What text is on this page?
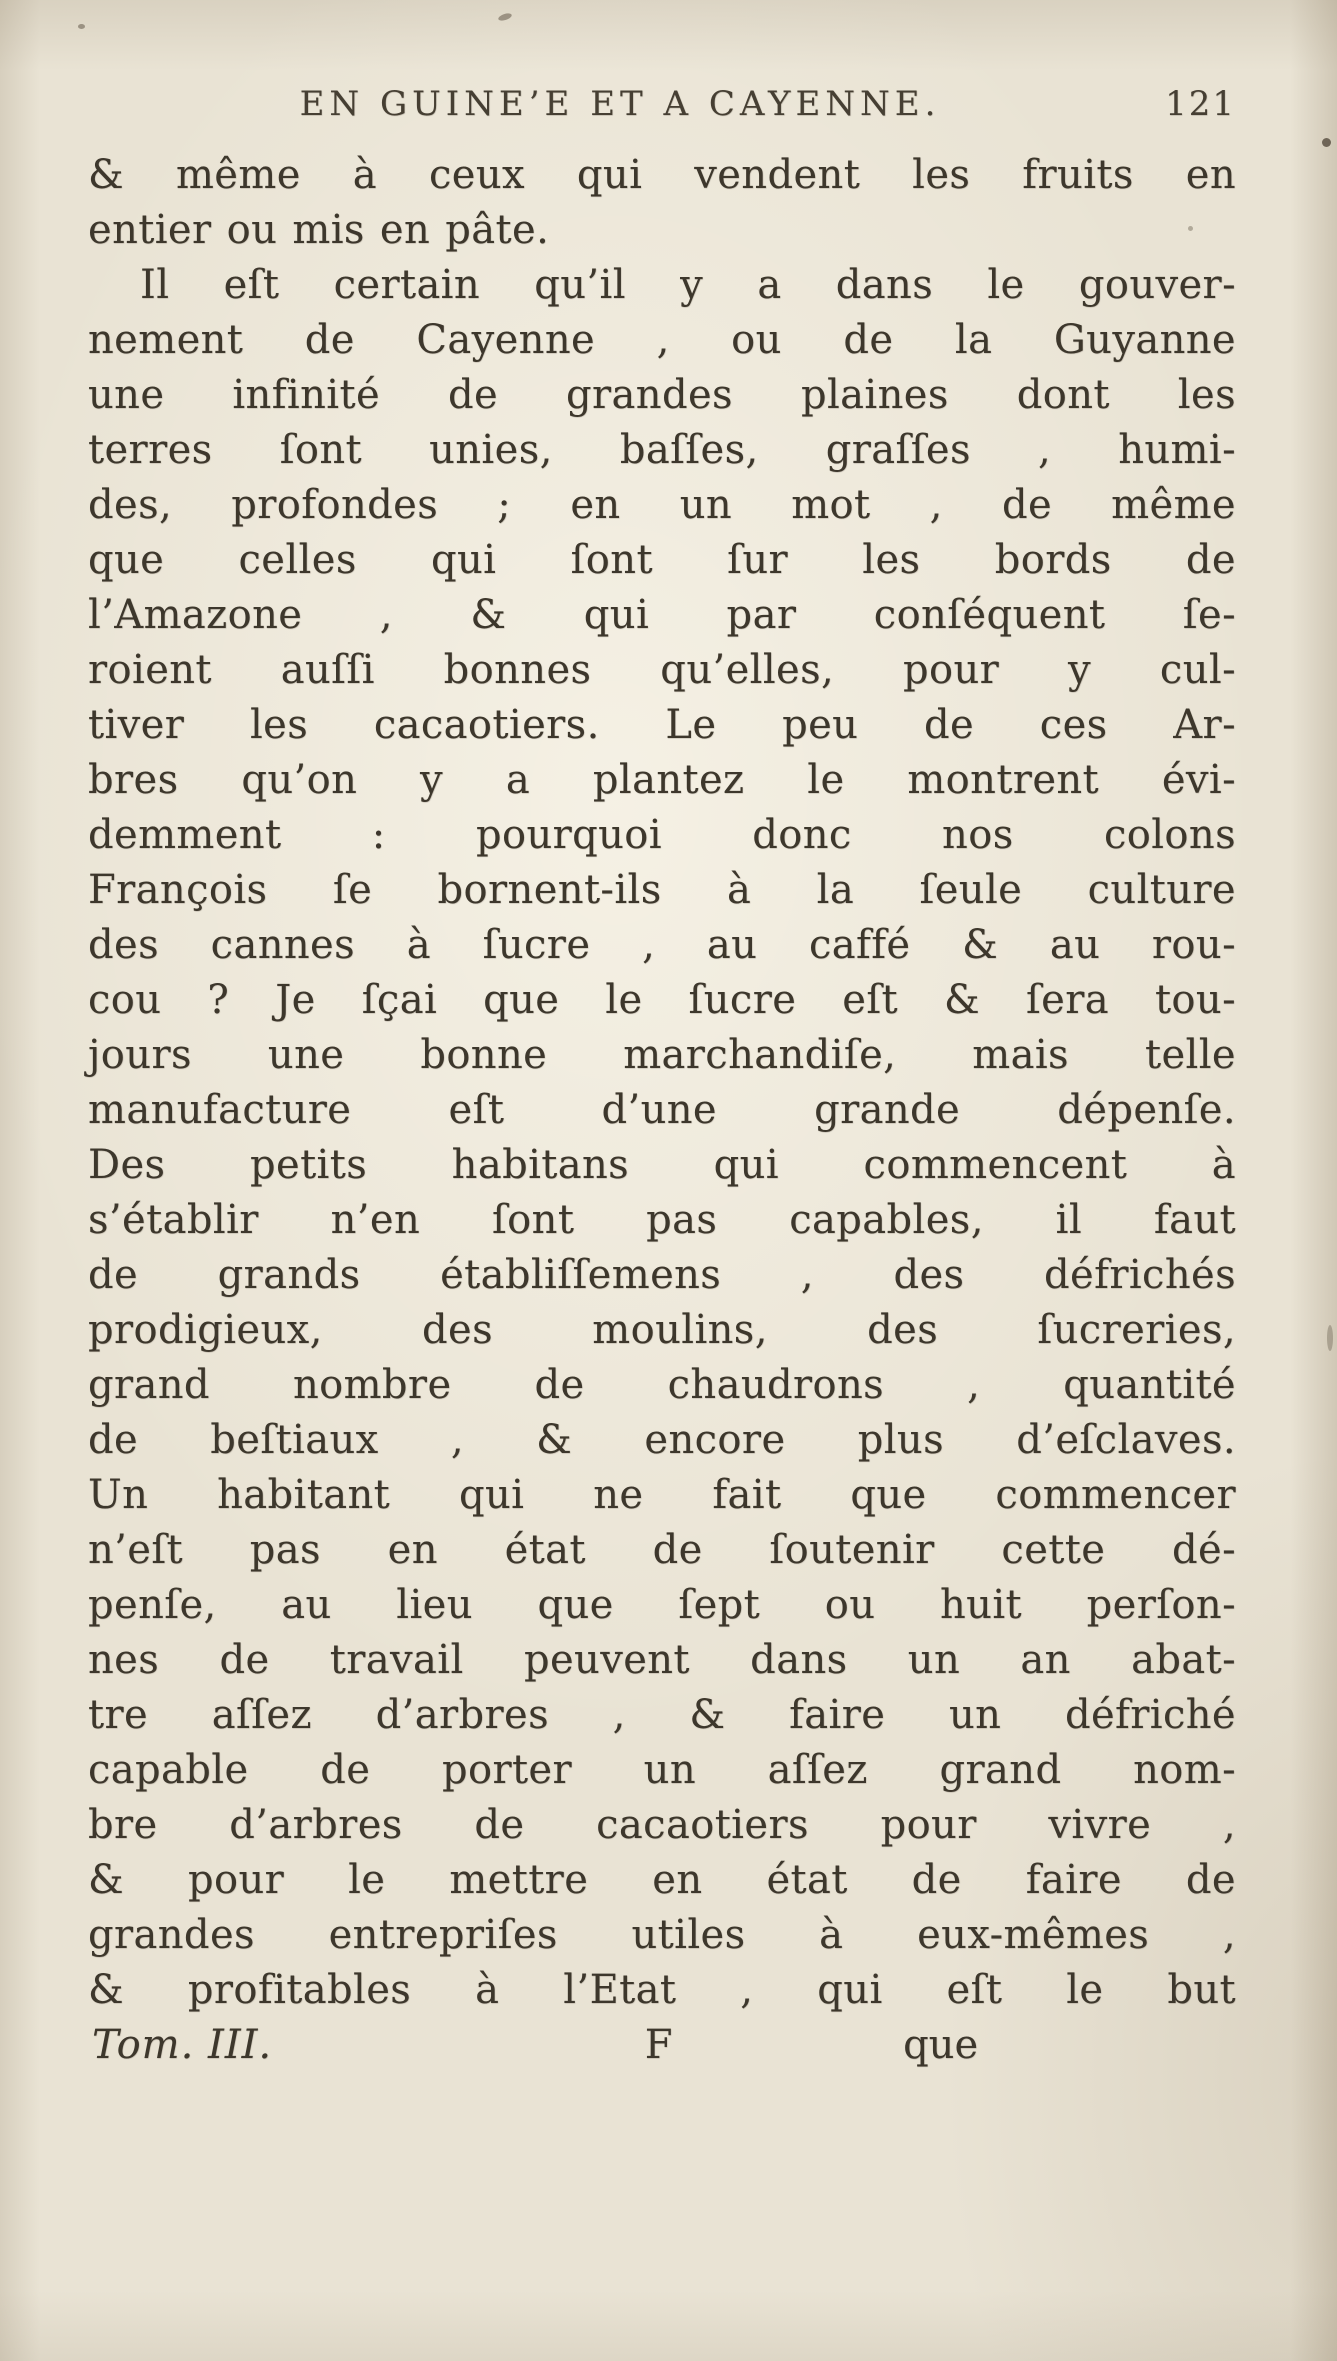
EN GUINE’E ET A CAYENNE.	121
& même à ceux qui vendent les fruits en
entier ou mis en pâte.
Il eſt certain qu’il y a dans le gouver-
nement de Cayenne , ou de la Guyanne
une infinité de grandes plaines dont les
terres ſont unies, baſſes, graſſes , humi-
des, profondes ; en un mot , de même
que celles qui ſont ſur les bords de
l’Amazone , & qui par conſéquent ſe-
roient auſſi bonnes qu’elles, pour y cul-
tiver les cacaotiers. Le peu de ces Ar-
bres qu’on y a plantez le montrent évi-
demment : pourquoi donc nos colons
François ſe bornent-ils à la ſeule culture
des cannes à ſucre , au caffé & au rou-
cou ? Je ſçai que le ſucre eſt & ſera tou-
jours une bonne marchandiſe, mais telle
manufacture eſt d’une grande dépenſe.
Des petits habitans qui commencent à
s’établir n’en ſont pas capables, il faut
de grands établiſſemens , des défrichés
prodigieux, des moulins, des ſucreries,
grand nombre de chaudrons , quantité
de beſtiaux , & encore plus d’eſclaves.
Un habitant qui ne fait que commencer
n’eſt pas en état de ſoutenir cette dé-
penſe, au lieu que ſept ou huit perſon-
nes de travail peuvent dans un an abat-
tre aſſez d’arbres , & faire un défriché
capable de porter un aſſez grand nom-
bre d’arbres de cacaotiers pour vivre ,
& pour le mettre en état de faire de
grandes entrepriſes utiles à eux-mêmes ,
& profitables à l’Etat , qui eſt le but
Tom. III.	F	que
